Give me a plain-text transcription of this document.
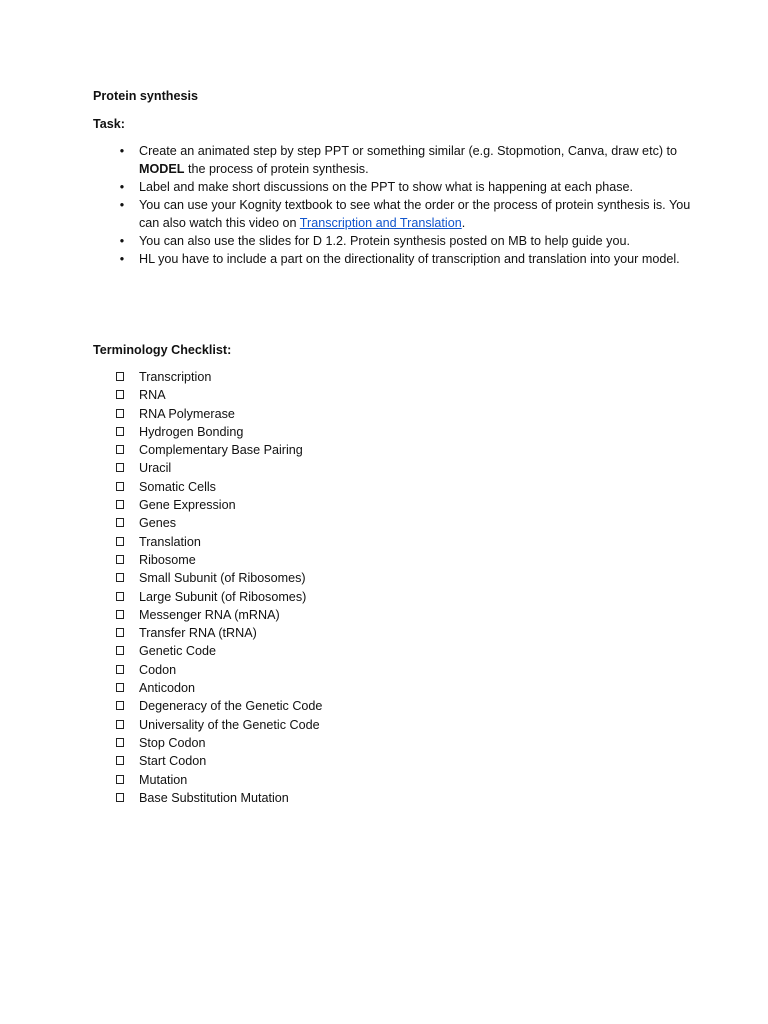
Protein synthesis
Task:
• Create an animated step by step PPT or something similar (e.g. Stopmotion, Canva, draw etc) to MODEL the process of protein synthesis.
• Label and make short discussions on the PPT to show what is happening at each phase.
• You can use your Kognity textbook to see what the order or the process of protein synthesis is. You can also watch this video on Transcription and Translation.
• You can also use the slides for D 1.2. Protein synthesis posted on MB to help guide you.
• HL you have to include a part on the directionality of transcription and translation into your model.
Terminology Checklist:
Transcription
RNA
RNA Polymerase
Hydrogen Bonding
Complementary Base Pairing
Uracil
Somatic Cells
Gene Expression
Genes
Translation
Ribosome
Small Subunit (of Ribosomes)
Large Subunit (of Ribosomes)
Messenger RNA (mRNA)
Transfer RNA (tRNA)
Genetic Code
Codon
Anticodon
Degeneracy of the Genetic Code
Universality of the Genetic Code
Stop Codon
Start Codon
Mutation
Base Substitution Mutation
